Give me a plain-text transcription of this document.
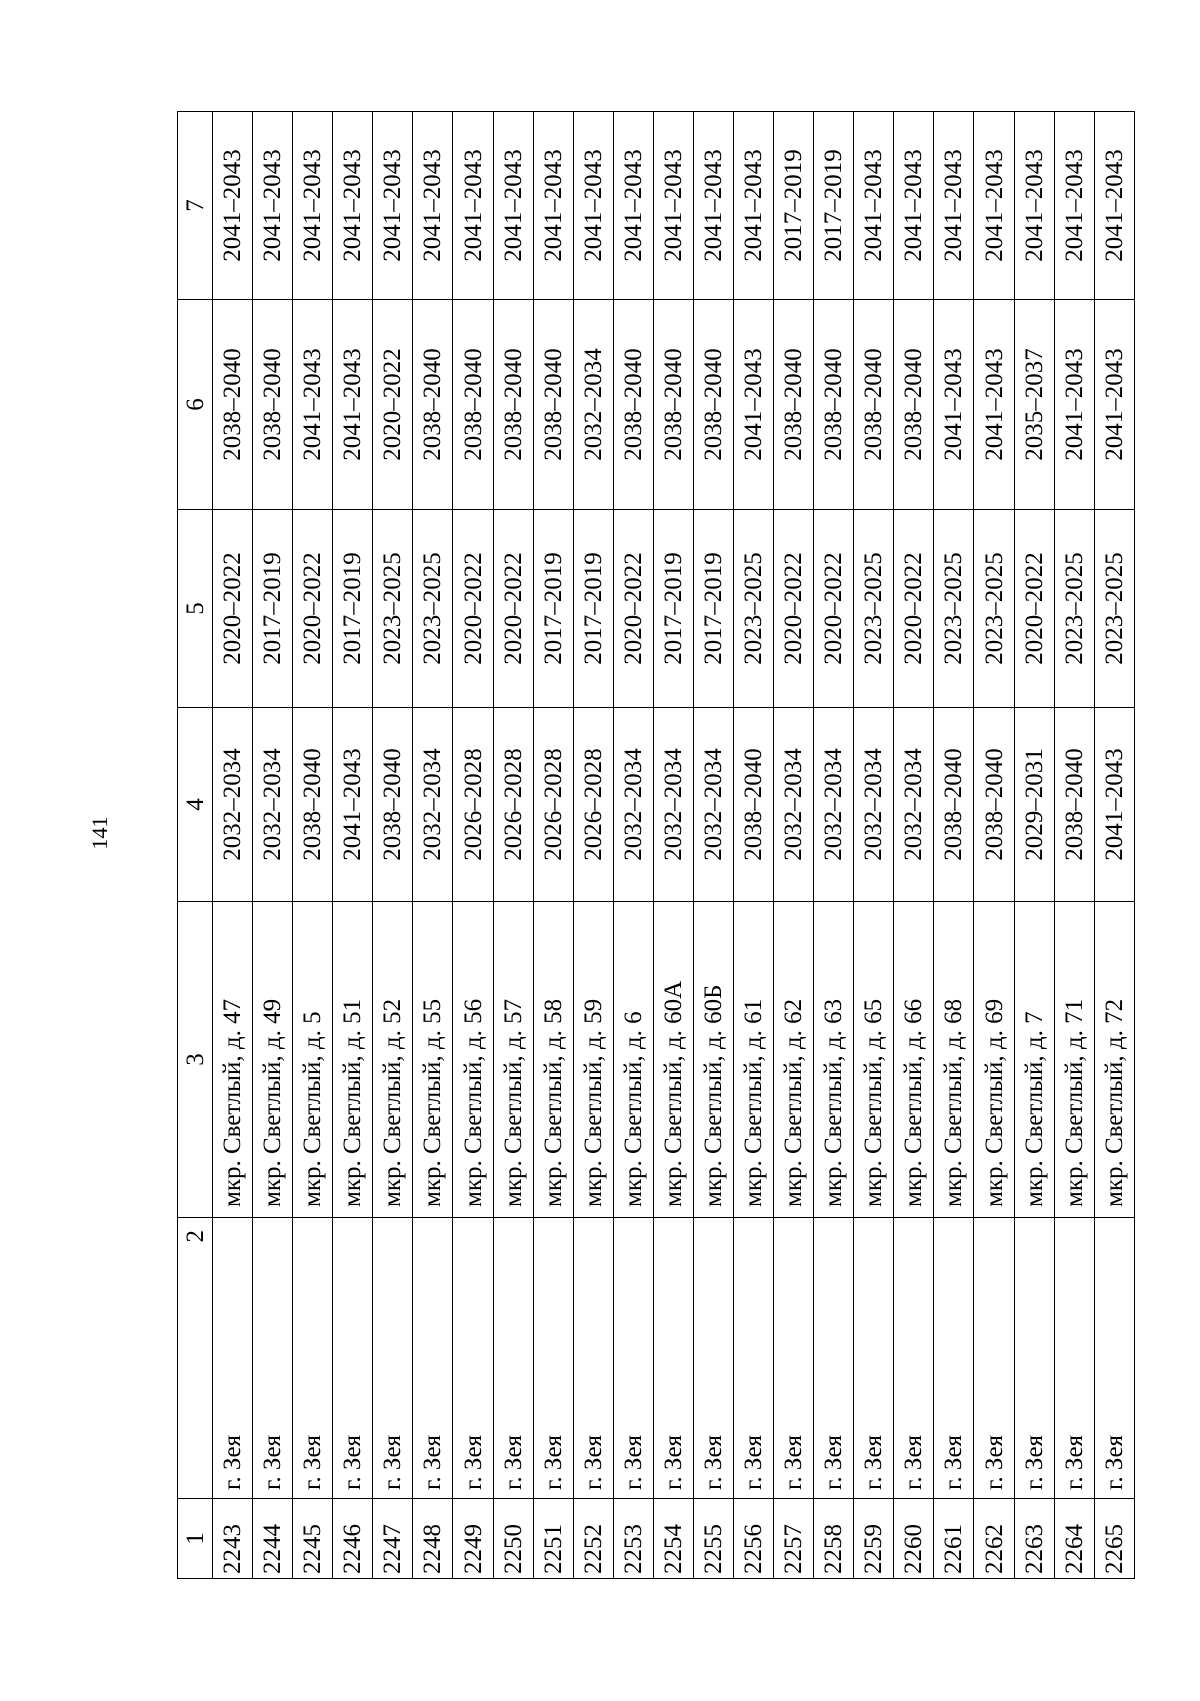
141
1	2	3	4	5	6	7
2243	г. Зея	мкр. Светлый, д. 47	2032–2034	2020–2022	2038–2040	2041–2043
2244	г. Зея	мкр. Светлый, д. 49	2032–2034	2017–2019	2038–2040	2041–2043
2245	г. Зея	мкр. Светлый, д. 5	2038–2040	2020–2022	2041–2043	2041–2043
2246	г. Зея	мкр. Светлый, д. 51	2041–2043	2017–2019	2041–2043	2041–2043
2247	г. Зея	мкр. Светлый, д. 52	2038–2040	2023–2025	2020–2022	2041–2043
2248	г. Зея	мкр. Светлый, д. 55	2032–2034	2023–2025	2038–2040	2041–2043
2249	г. Зея	мкр. Светлый, д. 56	2026–2028	2020–2022	2038–2040	2041–2043
2250	г. Зея	мкр. Светлый, д. 57	2026–2028	2020–2022	2038–2040	2041–2043
2251	г. Зея	мкр. Светлый, д. 58	2026–2028	2017–2019	2038–2040	2041–2043
2252	г. Зея	мкр. Светлый, д. 59	2026–2028	2017–2019	2032–2034	2041–2043
2253	г. Зея	мкр. Светлый, д. 6	2032–2034	2020–2022	2038–2040	2041–2043
2254	г. Зея	мкр. Светлый, д. 60А	2032–2034	2017–2019	2038–2040	2041–2043
2255	г. Зея	мкр. Светлый, д. 60Б	2032–2034	2017–2019	2038–2040	2041–2043
2256	г. Зея	мкр. Светлый, д. 61	2038–2040	2023–2025	2041–2043	2041–2043
2257	г. Зея	мкр. Светлый, д. 62	2032–2034	2020–2022	2038–2040	2017–2019
2258	г. Зея	мкр. Светлый, д. 63	2032–2034	2020–2022	2038–2040	2017–2019
2259	г. Зея	мкр. Светлый, д. 65	2032–2034	2023–2025	2038–2040	2041–2043
2260	г. Зея	мкр. Светлый, д. 66	2032–2034	2020–2022	2038–2040	2041–2043
2261	г. Зея	мкр. Светлый, д. 68	2038–2040	2023–2025	2041–2043	2041–2043
2262	г. Зея	мкр. Светлый, д. 69	2038–2040	2023–2025	2041–2043	2041–2043
2263	г. Зея	мкр. Светлый, д. 7	2029–2031	2020–2022	2035–2037	2041–2043
2264	г. Зея	мкр. Светлый, д. 71	2038–2040	2023–2025	2041–2043	2041–2043
2265	г. Зея	мкр. Светлый, д. 72	2041–2043	2023–2025	2041–2043	2041–2043
